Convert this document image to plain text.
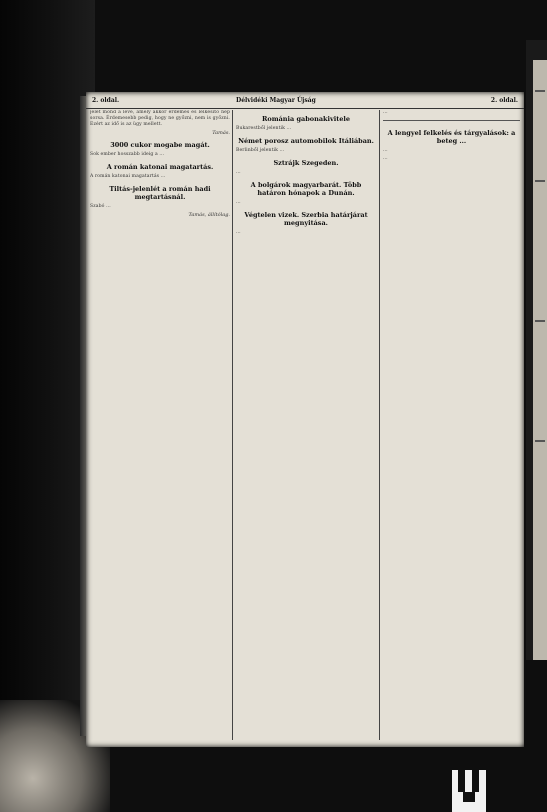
2. oldal.	Délvidéki Magyar Újság	2. oldal.

jelet mond a leve, amely akkor érdemes és lelkesítő nép sorsa. Érdemesebb pedig, hogy ne győzni, nem is győzni. Ezért az idő is az ügy mellett.

Tamás.

3000 cukor mogabe magát.

Sok ember hosszabb ideig a ...

A román katonai magatartás.

A román katonai magatartás ...

Tiltás-jelenlét a román hadi megtartásnál.

Szabó ...

Tamás, állítólag.

Románia gabonakivitele

Bukarestből jelentik ...

Német porosz automobilok Itáliában.

Berlinből jelentik ...

Sztrájk Szegeden.

...

A bolgárok magyarbarát. Több határon hónapok a Dunán.

...

Végtelen vizek. Szerbia határjárat megnyitása.

...

...

A lengyel felkelés és tárgyalások: a beteg ...

...

...
